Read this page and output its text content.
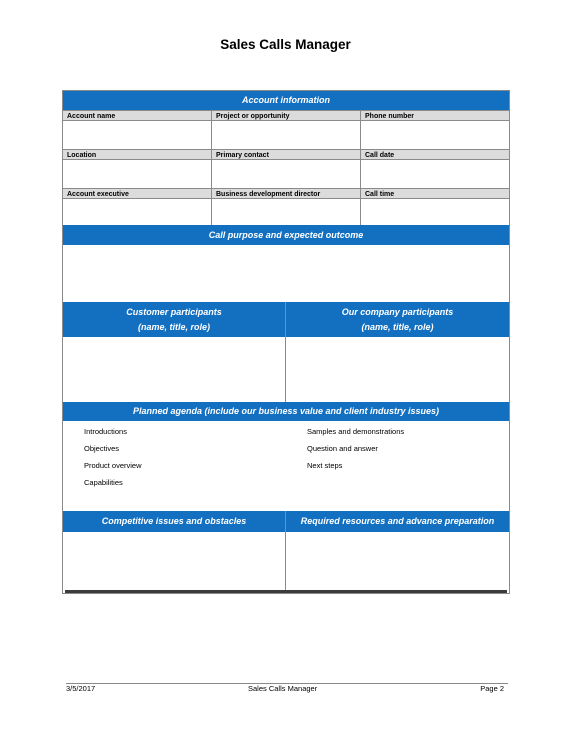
Sales Calls Manager
Account information
Account name	Project or opportunity	Phone number
Location	Primary contact	Call date
Account executive	Business development director	Call time
Call purpose and expected outcome
Customer participants
(name, title, role)
Our company participants
(name, title, role)
Planned agenda (include our business value and client industry issues)
Introductions
Objectives
Product overview
Capabilities
Samples and demonstrations
Question and answer
Next steps
Competitive issues and obstacles	Required resources and advance preparation
3/5/2017	Sales Calls Manager	Page 2
